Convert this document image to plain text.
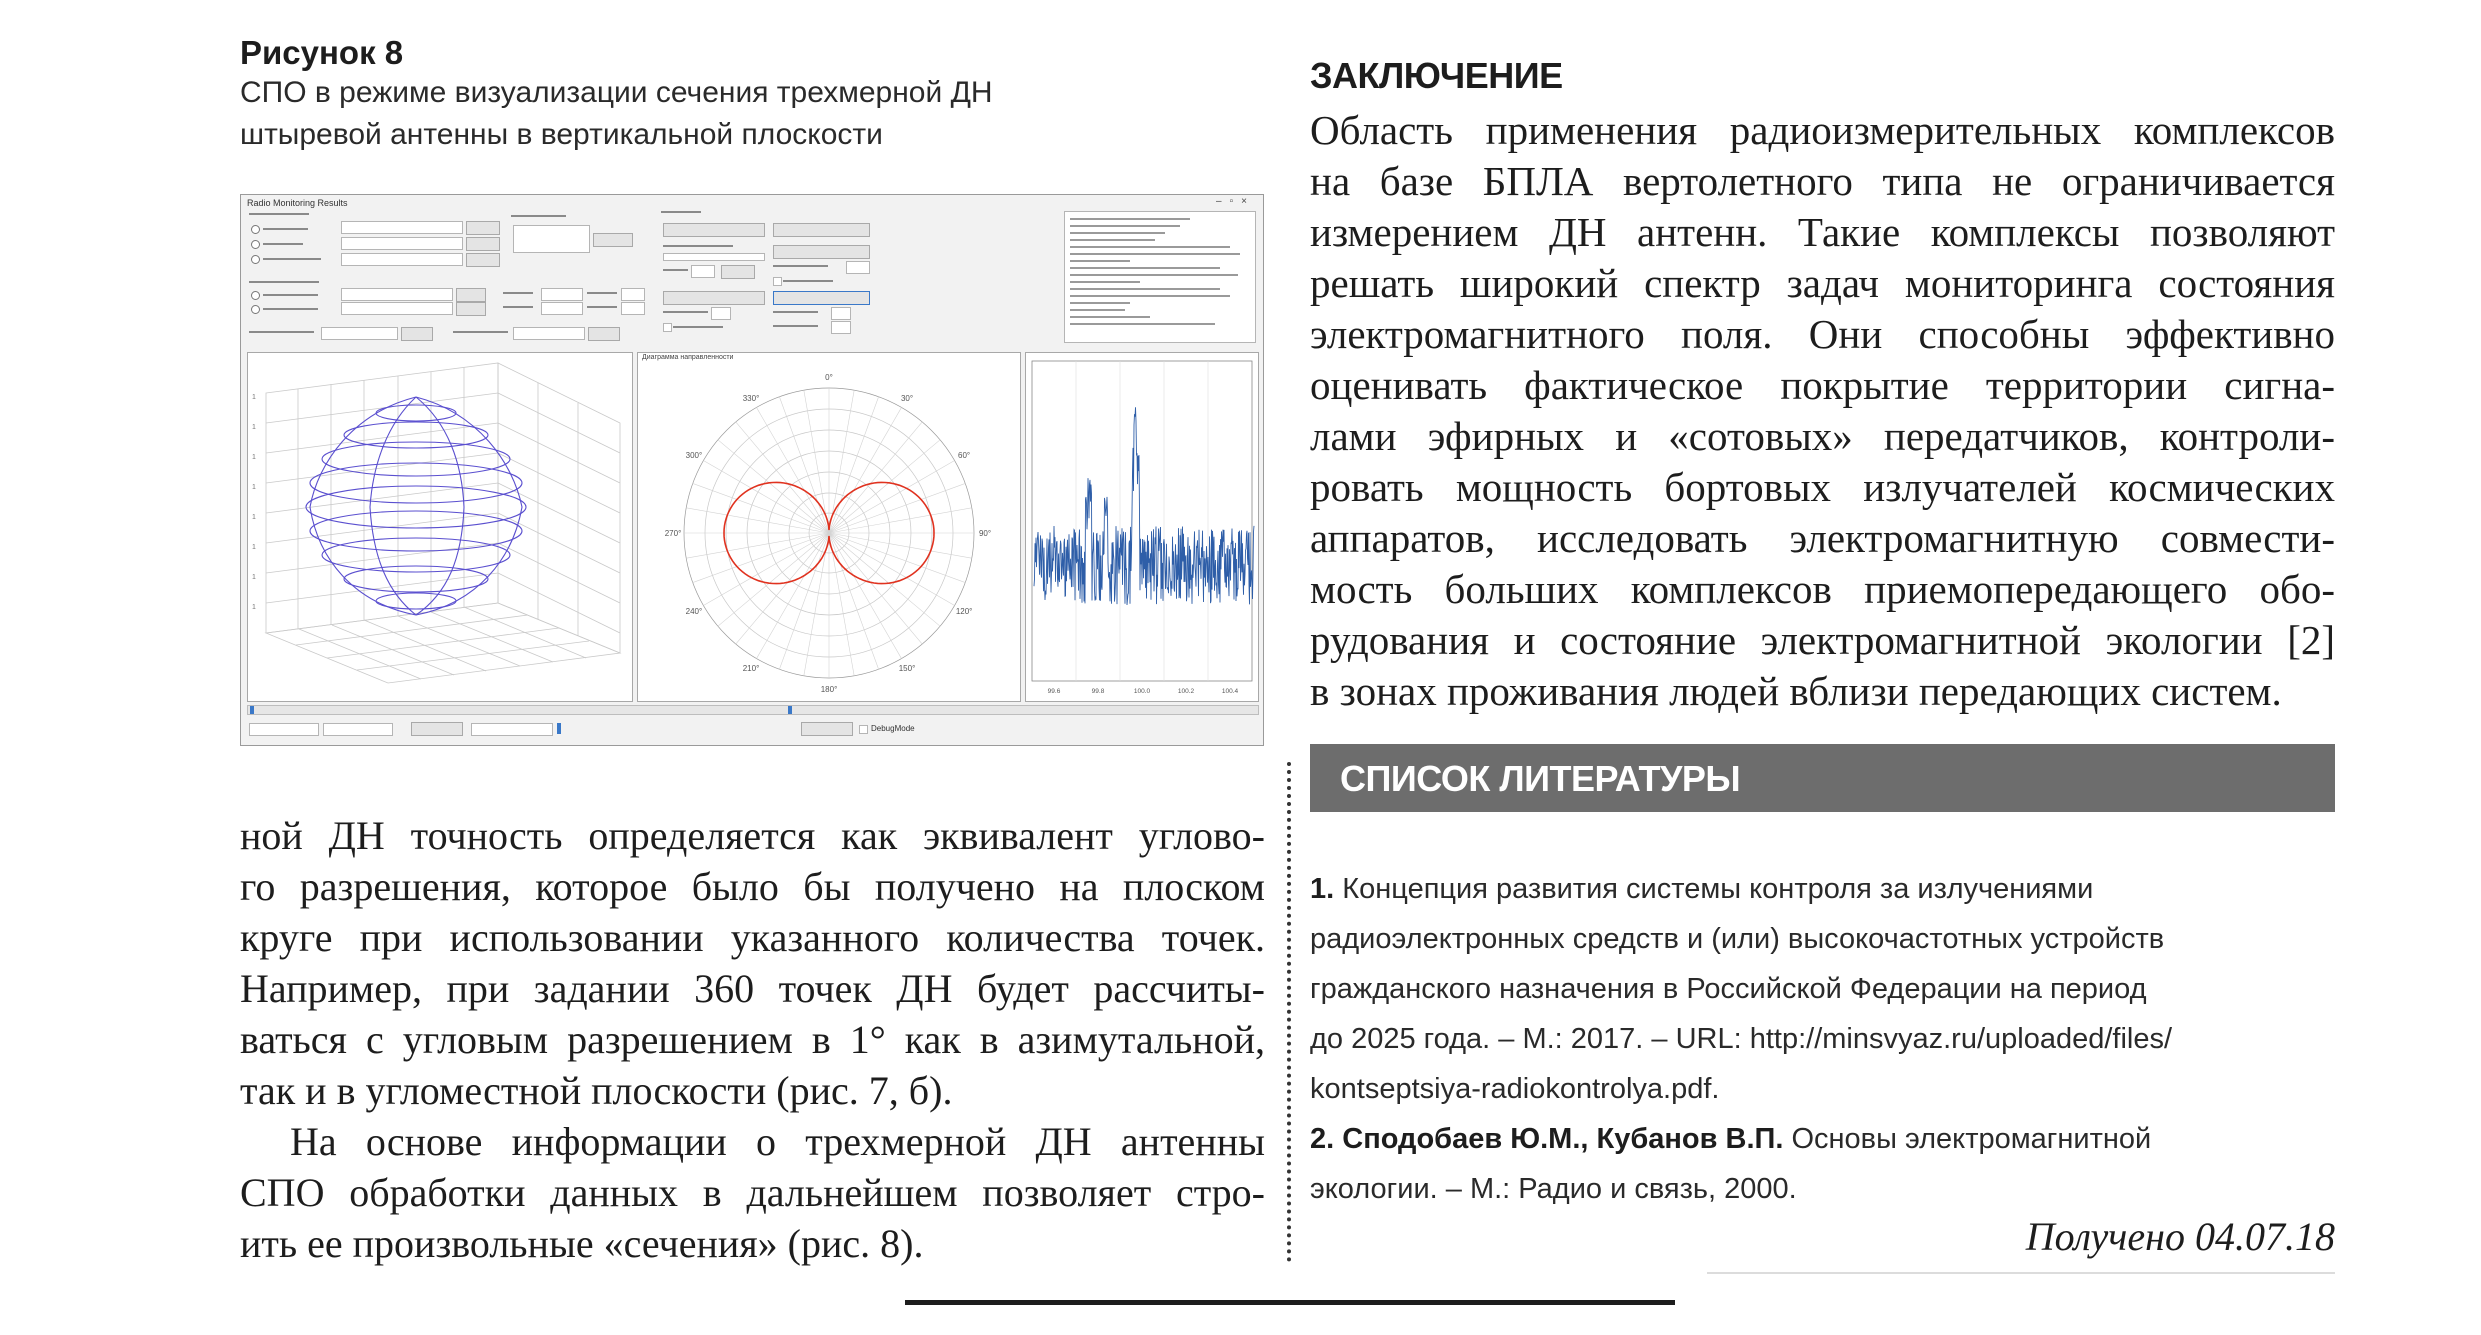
Рисунок 8
СПО в режиме визуализации сечения трехмерной ДН
штыревой антенны в вертикальной плоскости
Radio Monitoring Results	–▫×
1
1
1
1
1
1
1
1
Диаграмма направленности
0°
30°
60°
90°
120°
150°
180°
210°
240°
270°
300°
330°
99.6	99.8	100.0	100.2	100.4
DebugMode
ной ДН точность определяется как эквивалент углово-
го разрешения, которое было бы получено на плоском
круге при использовании указанного количества точек.
Например, при задании 360 точек ДН будет рассчиты-
ваться с угловым разрешением в 1° как в азимутальной,
так и в угломестной плоскости (рис. 7, б).
На основе информации о трехмерной ДН антенны
СПО обработки данных в дальнейшем позволяет стро-
ить ее произвольные «сечения» (рис. 8).
ЗАКЛЮЧЕНИЕ
Область применения радиоизмерительных комплексов
на базе БПЛА вертолетного типа не ограничивается
измерением ДН антенн. Такие комплексы позволяют
решать широкий спектр задач мониторинга состояния
электромагнитного поля. Они способны эффективно
оценивать фактическое покрытие территории сигна-
лами эфирных и «сотовых» передатчиков, контроли-
ровать мощность бортовых излучателей космических
аппаратов, исследовать электромагнитную совмести-
мость больших комплексов приемопередающего обо-
рудования и состояние электромагнитной экологии [2]
в зонах проживания людей вблизи передающих систем.
СПИСОК ЛИТЕРАТУРЫ
1. Концепция развития системы контроля за излучениями
радиоэлектронных средств и (или) высокочастотных устройств
гражданского назначения в Российской Федерации на период
до 2025 года. – М.: 2017. – URL: http://minsvyaz.ru/uploaded/files/
kontseptsiya-radiokontrolya.pdf.
2. Сподобаев Ю.М., Кубанов В.П. Основы электромагнитной
экологии. – М.: Радио и связь, 2000.
Получено 04.07.18
